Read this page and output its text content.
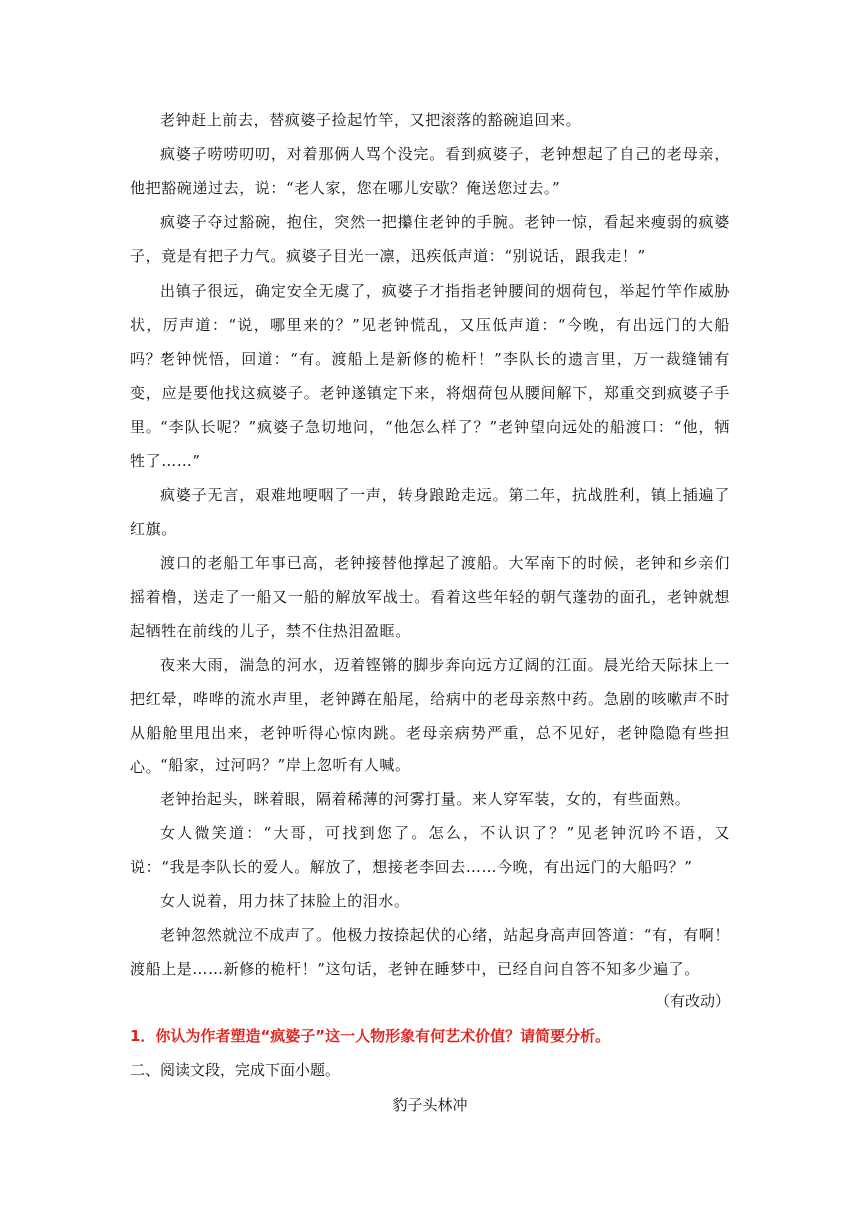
老钟赶上前去，替疯婆子捡起竹竿，又把滚落的豁碗追回来。

疯婆子唠唠叨叨，对着那俩人骂个没完。看到疯婆子，老钟想起了自己的老母亲，他把豁碗递过去，说：“老人家，您在哪儿安歇？俺送您过去。”

疯婆子夺过豁碗，抱住，突然一把攥住老钟的手腕。老钟一惊，看起来瘦弱的疯婆子，竟是有把子力气。疯婆子目光一凛，迅疾低声道：“别说话，跟我走！”

出镇子很远，确定安全无虞了，疯婆子才指指老钟腰间的烟荷包，举起竹竿作威胁状，厉声道：“说，哪里来的？”见老钟慌乱，又压低声道：“今晚，有出远门的大船吗？”

老钟恍悟，回道：“有。渡船上是新修的桅杆！”李队长的遗言里，万一裁缝铺有变，应是要他找这疯婆子。老钟遂镇定下来，将烟荷包从腰间解下，郑重交到疯婆子手里。

“李队长呢？”疯婆子急切地问，“他怎么样了？”老钟望向远处的船渡口：“他，牺牲了……”

疯婆子无言，艰难地哽咽了一声，转身踉跄走远。第二年，抗战胜利，镇上插遍了红旗。

渡口的老船工年事已高，老钟接替他撑起了渡船。大军南下的时候，老钟和乡亲们摇着橹，送走了一船又一船的解放军战士。看着这些年轻的朝气蓬勃的面孔，老钟就想起牺牲在前线的儿子，禁不住热泪盈眶。

夜来大雨，湍急的河水，迈着铿锵的脚步奔向远方辽阔的江面。晨光给天际抹上一把红晕，哗哗的流水声里，老钟蹲在船尾，给病中的老母亲熬中药。急剧的咳嗽声不时从船舱里甩出来，老钟听得心惊肉跳。老母亲病势严重，总不见好，老钟隐隐有些担心。

“船家，过河吗？”岸上忽听有人喊。

老钟抬起头，眯着眼，隔着稀薄的河雾打量。来人穿军装，女的，有些面熟。

女人微笑道：“大哥，可找到您了。怎么，不认识了？”见老钟沉吟不语，又说：“我是李队长的爱人。解放了，想接老李回去……今晚，有出远门的大船吗？”

女人说着，用力抹了抹脸上的泪水。

老钟忽然就泣不成声了。他极力按捺起伏的心绪，站起身高声回答道：“有，有啊！渡船上是……新修的桅杆！”这句话，老钟在睡梦中，已经自问自答不知多少遍了。

（有改动）

1．你认为作者塑造“疯婆子”这一人物形象有何艺术价值？请简要分析。

二、阅读文段，完成下面小题。

豹子头林冲
